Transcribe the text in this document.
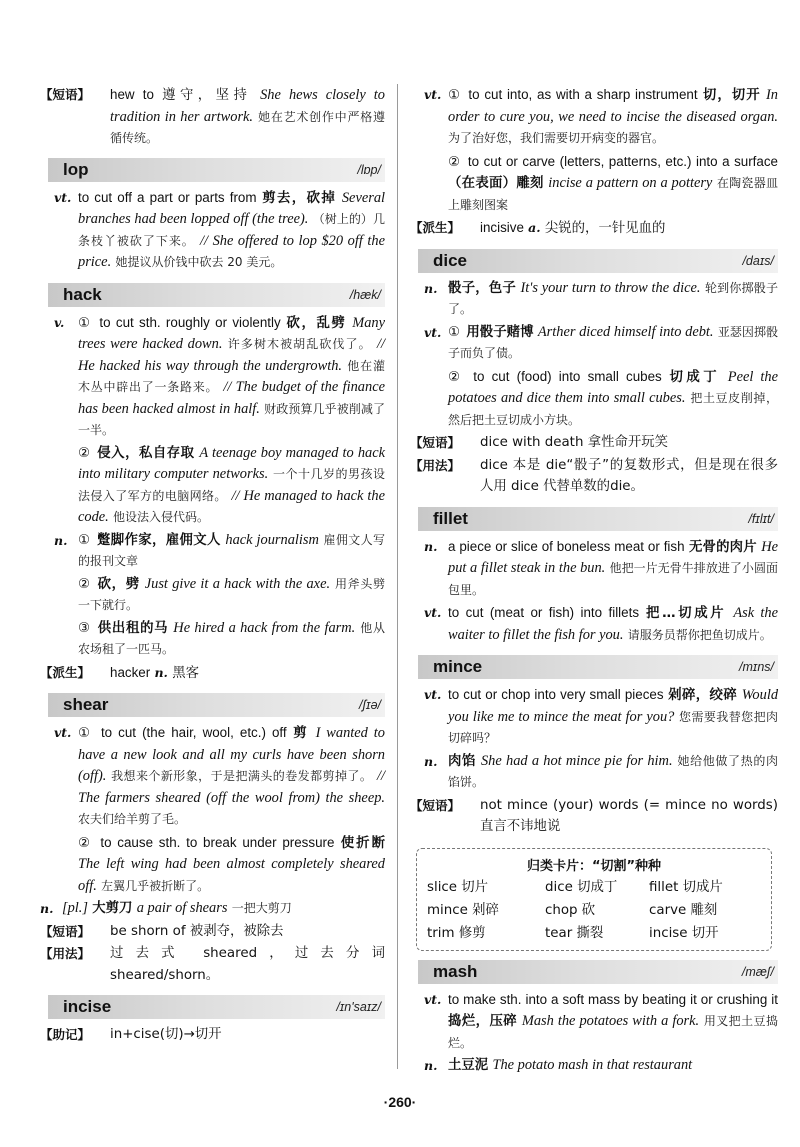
【短语】 hew to 遵守，坚持 She hews closely to tradition in her artwork. 她在艺术创作中严格遵循传统。
lop	/lɒp/
vt. to cut off a part or parts from 剪去，砍掉 Several branches had been lopped off (the tree). （树上的）几条枝丫被砍了下来。 // She offered to lop $20 off the price. 她提议从价钱中砍去 20 美元。
hack	/hæk/
v. ① to cut sth. roughly or violently 砍，乱劈 Many trees were hacked down. 许多树木被胡乱砍伐了。 // He hacked his way through the undergrowth. 他在灌木丛中辟出了一条路来。 // The budget of the finance has been hacked almost in half. 财政预算几乎被削减了一半。
② 侵入，私自存取 A teenage boy managed to hack into military computer networks. 一个十几岁的男孩设法侵入了军方的电脑网络。 // He managed to hack the code. 他设法入侵代码。
n. ① 蹩脚作家，雇佣文人 hack journalism 雇佣文人写的报刊文章
② 砍，劈 Just give it a hack with the axe. 用斧头劈一下就行。
③ 供出租的马 He hired a hack from the farm. 他从农场租了一匹马。
【派生】 hacker n. 黑客
shear	/ʃɪə/
vt. ① to cut (the hair, wool, etc.) off 剪 I wanted to have a new look and all my curls have been shorn (off). 我想来个新形象，于是把满头的卷发都剪掉了。 // The farmers sheared (off the wool from) the sheep. 农夫们给羊剪了毛。
② to cause sth. to break under pressure 使折断 The left wing had been almost completely sheared off. 左翼几乎被折断了。
n. [pl.] 大剪刀 a pair of shears 一把大剪刀
【短语】 be shorn of 被剥夺，被除去
【用法】 过去式 sheared，过去分词 sheared/shorn。
incise	/ɪn'saɪz/
【助记】 in+cise(切)→切开
vt. ① to cut into, as with a sharp instrument 切，切开 In order to cure you, we need to incise the diseased organ. 为了治好您，我们需要切开病变的器官。
② to cut or carve (letters, patterns, etc.) into a surface （在表面）雕刻 incise a pattern on a pottery 在陶瓷器皿上雕刻图案
【派生】 incisive a. 尖锐的，一针见血的
dice	/daɪs/
n. 骰子，色子 It's your turn to throw the dice. 轮到你掷骰子了。
vt. ① 用骰子赌博 Arther diced himself into debt. 亚瑟因掷骰子而负了债。
② to cut (food) into small cubes 切成丁 Peel the potatoes and dice them into small cubes. 把土豆皮削掉，然后把土豆切成小方块。
【短语】 dice with death 拿性命开玩笑
【用法】 dice 本是 die“骰子”的复数形式，但是现在很多人用 dice 代替单数的die。
fillet	/fɪlɪt/
n. a piece or slice of boneless meat or fish 无骨的肉片 He put a fillet steak in the bun. 他把一片无骨牛排放进了小圆面包里。
vt. to cut (meat or fish) into fillets 把…切成片 Ask the waiter to fillet the fish for you. 请服务员帮你把鱼切成片。
mince	/mɪns/
vt. to cut or chop into very small pieces 剁碎，绞碎 Would you like me to mince the meat for you? 您需要我替您把肉切碎吗？
n. 肉馅 She had a hot mince pie for him. 她给他做了热的肉馅饼。
【短语】 not mince (your) words (= mince no words) 直言不讳地说
归类卡片：“切割”种种
slice 切片	dice 切成丁	fillet 切成片
mince 剁碎	chop 砍	carve 雕刻
trim 修剪	tear 撕裂	incise 切开
mash	/mæʃ/
vt. to make sth. into a soft mass by beating it or crushing it 捣烂，压碎 Mash the potatoes with a fork. 用叉把土豆捣烂。
n. 土豆泥 The potato mash in that restaurant
·260·
